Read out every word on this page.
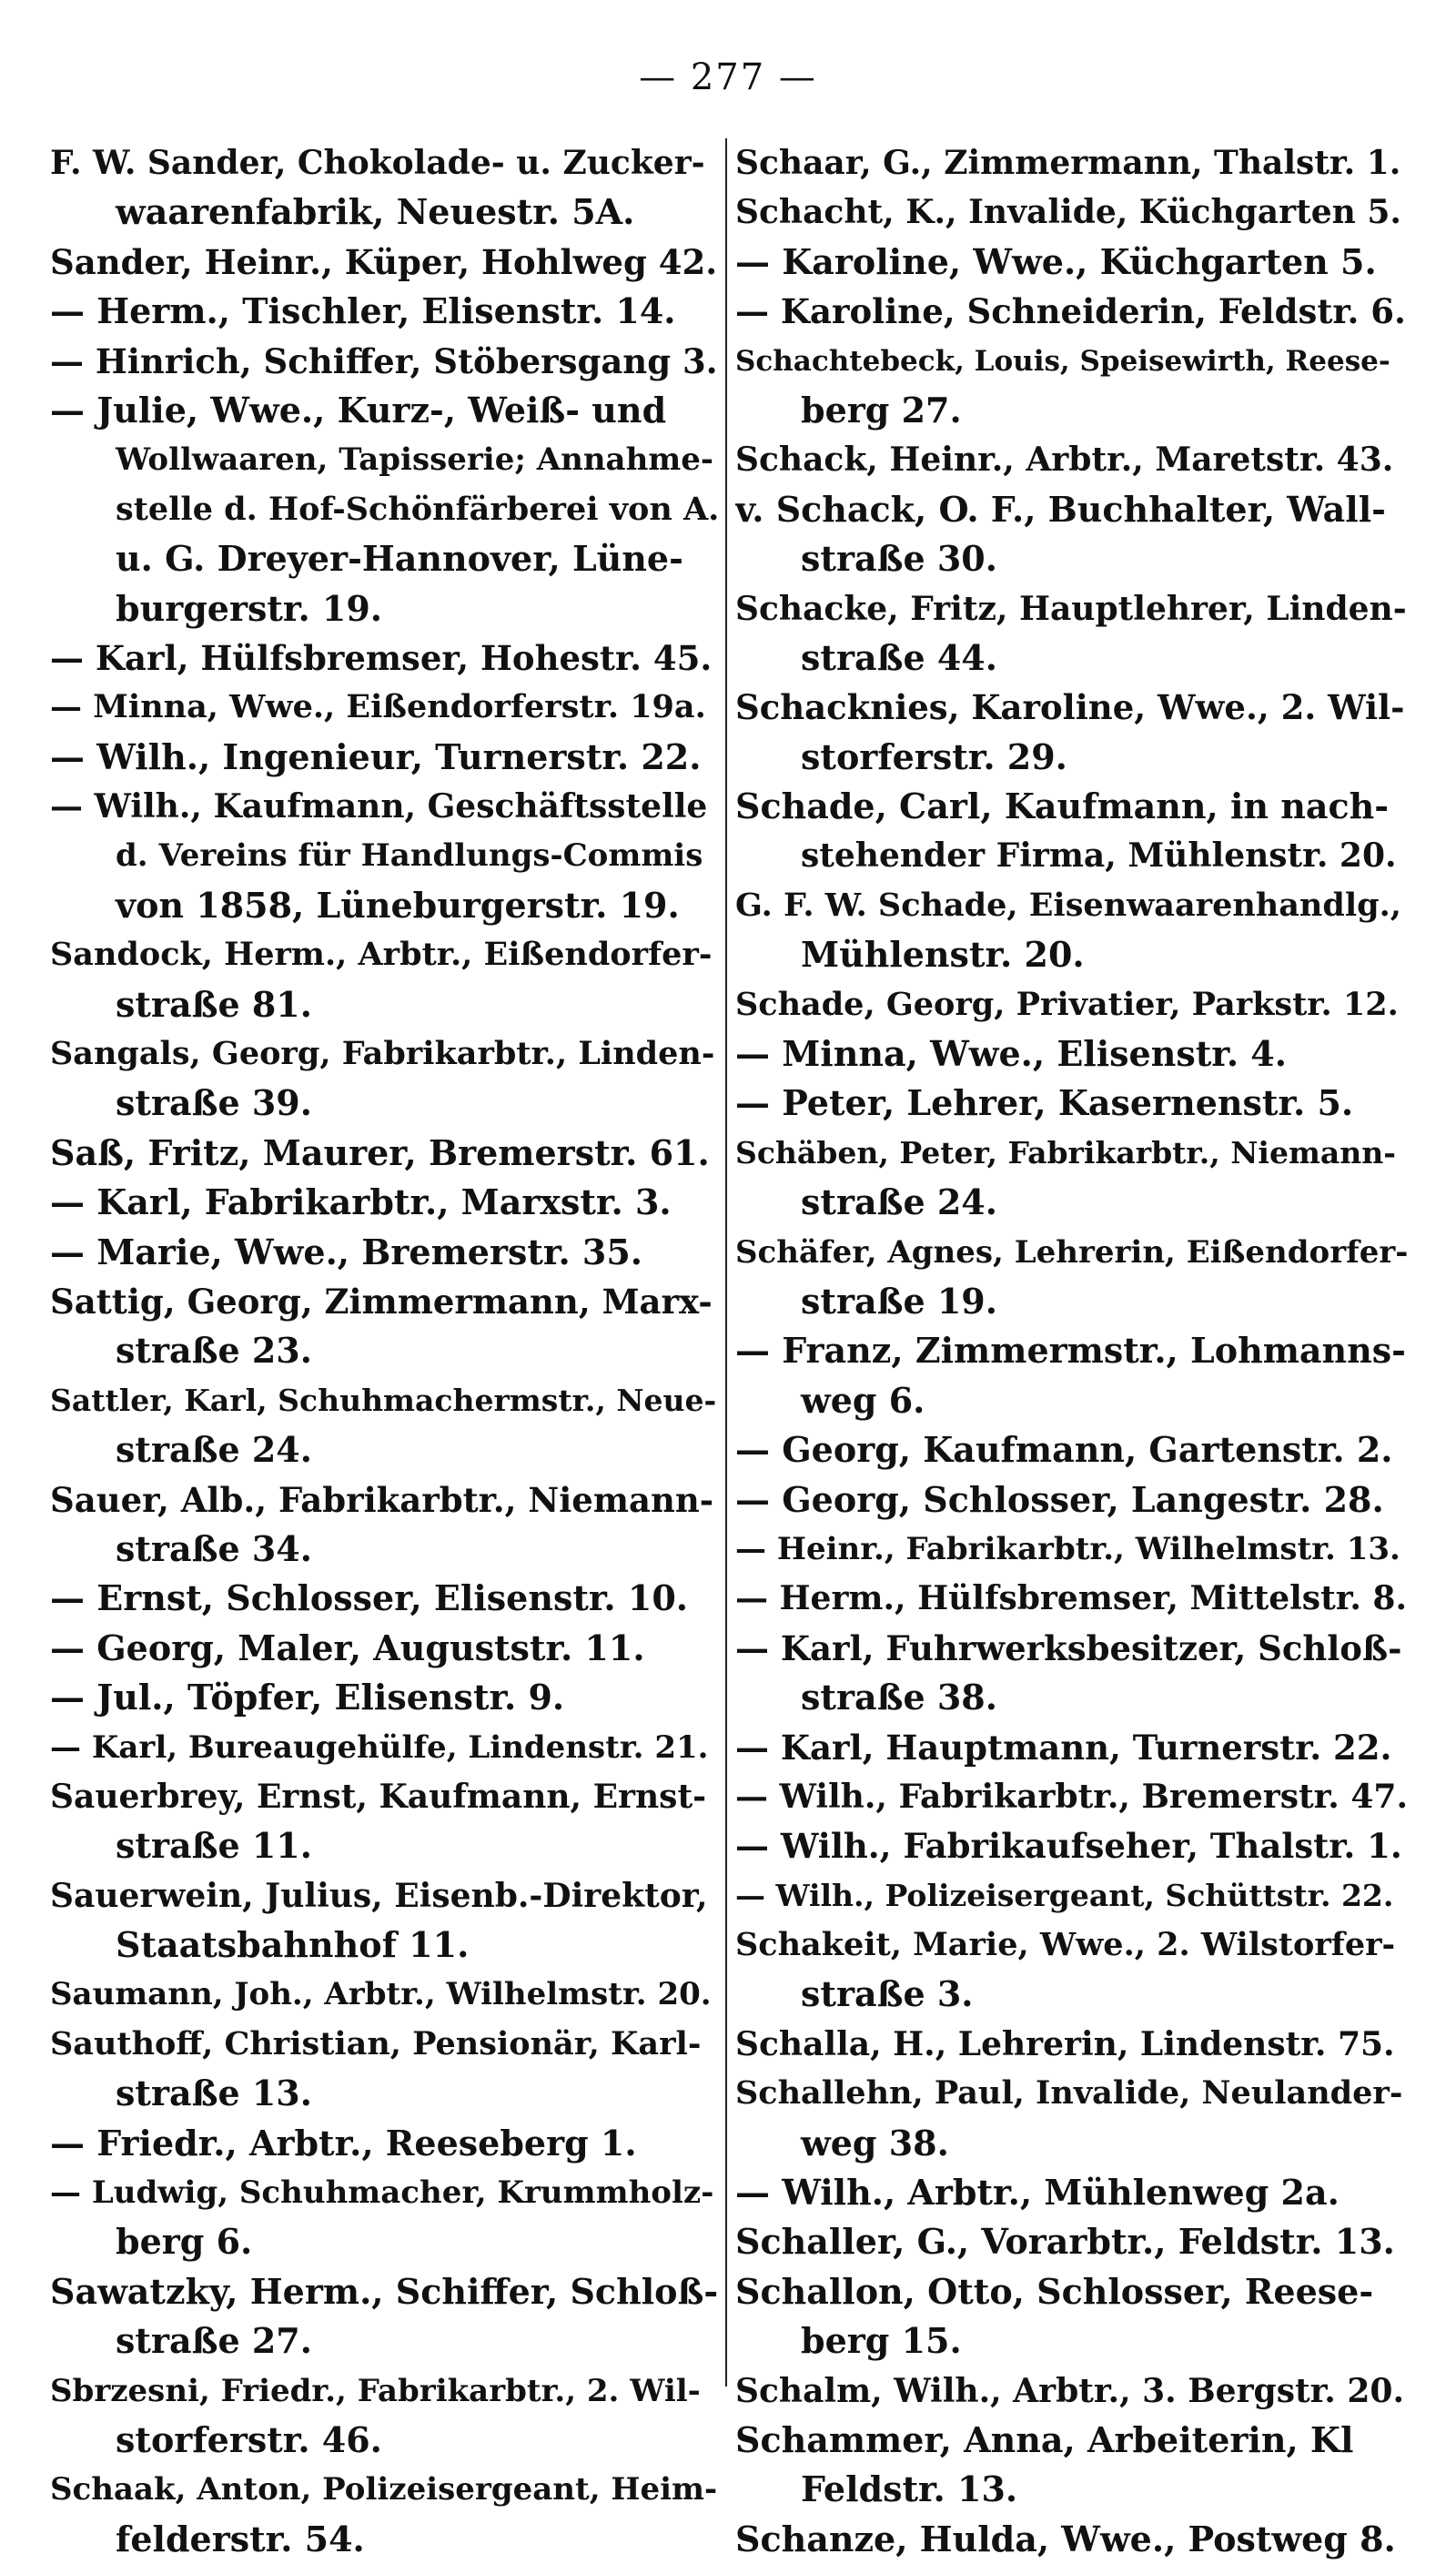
— 277 —
F. W. Sander, Chokolade- u. Zucker-
waarenfabrik, Neuestr. 5A.
Sander, Heinr., Küper, Hohlweg 42.
— Herm., Tischler, Elisenstr. 14.
— Hinrich, Schiffer, Stöbersgang 3.
— Julie, Wwe., Kurz-, Weiß- und
Wollwaaren, Tapisserie; Annahme-
stelle d. Hof-Schönfärberei von A.
u. G. Dreyer-Hannover, Lüne-
burgerstr. 19.
— Karl, Hülfsbremser, Hohestr. 45.
— Minna, Wwe., Eißendorferstr. 19a.
— Wilh., Ingenieur, Turnerstr. 22.
— Wilh., Kaufmann, Geschäftsstelle
d. Vereins für Handlungs-Commis
von 1858, Lüneburgerstr. 19.
Sandock, Herm., Arbtr., Eißendorfer-
straße 81.
Sangals, Georg, Fabrikarbtr., Linden-
straße 39.
Saß, Fritz, Maurer, Bremerstr. 61.
— Karl, Fabrikarbtr., Marxstr. 3.
— Marie, Wwe., Bremerstr. 35.
Sattig, Georg, Zimmermann, Marx-
straße 23.
Sattler, Karl, Schuhmachermstr., Neue-
straße 24.
Sauer, Alb., Fabrikarbtr., Niemann-
straße 34.
— Ernst, Schlosser, Elisenstr. 10.
— Georg, Maler, Auguststr. 11.
— Jul., Töpfer, Elisenstr. 9.
— Karl, Bureaugehülfe, Lindenstr. 21.
Sauerbrey, Ernst, Kaufmann, Ernst-
straße 11.
Sauerwein, Julius, Eisenb.-Direktor,
Staatsbahnhof 11.
Saumann, Joh., Arbtr., Wilhelmstr. 20.
Sauthoff, Christian, Pensionär, Karl-
straße 13.
— Friedr., Arbtr., Reeseberg 1.
— Ludwig, Schuhmacher, Krummholz-
berg 6.
Sawatzky, Herm., Schiffer, Schloß-
straße 27.
Sbrzesni, Friedr., Fabrikarbtr., 2. Wil-
storferstr. 46.
Schaak, Anton, Polizeisergeant, Heim-
felderstr. 54.
Schaar, G., Zimmermann, Thalstr. 1.
Schacht, K., Invalide, Küchgarten 5.
— Karoline, Wwe., Küchgarten 5.
— Karoline, Schneiderin, Feldstr. 6.
Schachtebeck, Louis, Speisewirth, Reese-
berg 27.
Schack, Heinr., Arbtr., Maretstr. 43.
v. Schack, O. F., Buchhalter, Wall-
straße 30.
Schacke, Fritz, Hauptlehrer, Linden-
straße 44.
Schacknies, Karoline, Wwe., 2. Wil-
storferstr. 29.
Schade, Carl, Kaufmann, in nach-
stehender Firma, Mühlenstr. 20.
G. F. W. Schade, Eisenwaarenhandlg.,
Mühlenstr. 20.
Schade, Georg, Privatier, Parkstr. 12.
— Minna, Wwe., Elisenstr. 4.
— Peter, Lehrer, Kasernenstr. 5.
Schäben, Peter, Fabrikarbtr., Niemann-
straße 24.
Schäfer, Agnes, Lehrerin, Eißendorfer-
straße 19.
— Franz, Zimmermstr., Lohmanns-
weg 6.
— Georg, Kaufmann, Gartenstr. 2.
— Georg, Schlosser, Langestr. 28.
— Heinr., Fabrikarbtr., Wilhelmstr. 13.
— Herm., Hülfsbremser, Mittelstr. 8.
— Karl, Fuhrwerksbesitzer, Schloß-
straße 38.
— Karl, Hauptmann, Turnerstr. 22.
— Wilh., Fabrikarbtr., Bremerstr. 47.
— Wilh., Fabrikaufseher, Thalstr. 1.
— Wilh., Polizeisergeant, Schüttstr. 22.
Schakeit, Marie, Wwe., 2. Wilstorfer-
straße 3.
Schalla, H., Lehrerin, Lindenstr. 75.
Schallehn, Paul, Invalide, Neulander-
weg 38.
— Wilh., Arbtr., Mühlenweg 2a.
Schaller, G., Vorarbtr., Feldstr. 13.
Schallon, Otto, Schlosser, Reese-
berg 15.
Schalm, Wilh., Arbtr., 3. Bergstr. 20.
Schammer, Anna, Arbeiterin, Kl
Feldstr. 13.
Schanze, Hulda, Wwe., Postweg 8.
